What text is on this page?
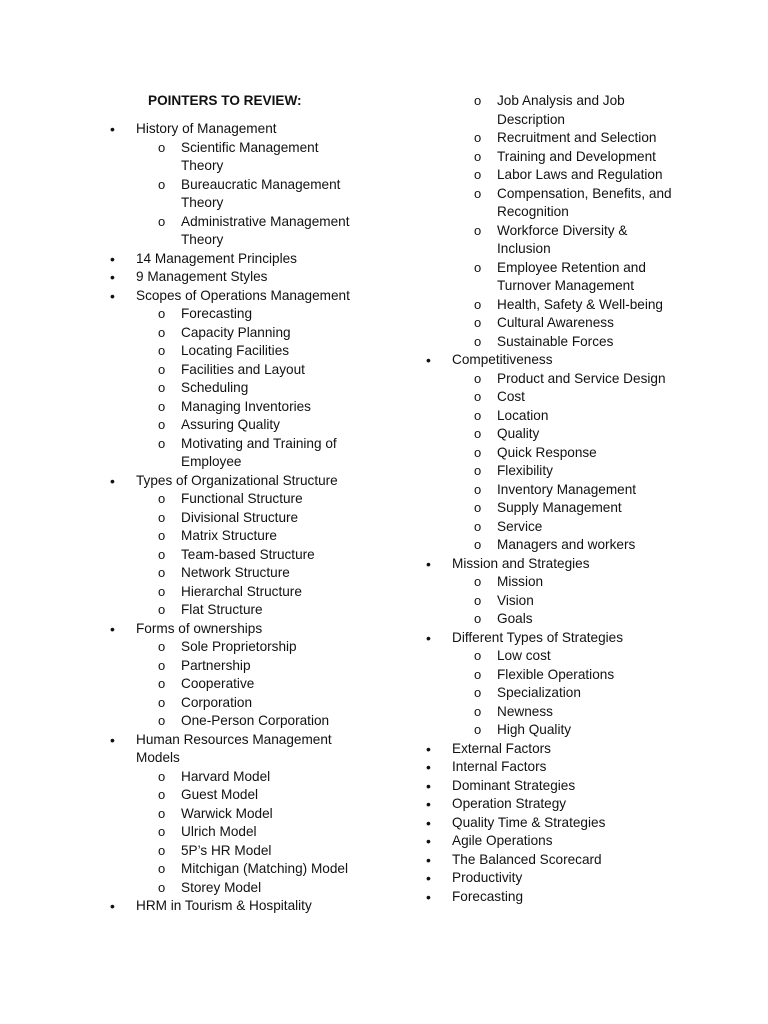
POINTERS TO REVIEW:
•	History of Management
o	Scientific Management Theory
o	Bureaucratic Management Theory
o	Administrative Management Theory
•	14 Management Principles
•	9 Management Styles
•	Scopes of Operations Management
o	Forecasting
o	Capacity Planning
o	Locating Facilities
o	Facilities and Layout
o	Scheduling
o	Managing Inventories
o	Assuring Quality
o	Motivating and Training of Employee
•	Types of Organizational Structure
o	Functional Structure
o	Divisional Structure
o	Matrix Structure
o	Team-based Structure
o	Network Structure
o	Hierarchal Structure
o	Flat Structure
•	Forms of ownerships
o	Sole Proprietorship
o	Partnership
o	Cooperative
o	Corporation
o	One-Person Corporation
•	Human Resources Management Models
o	Harvard Model
o	Guest Model
o	Warwick Model
o	Ulrich Model
o	5P’s HR Model
o	Mitchigan (Matching) Model
o	Storey Model
•	HRM in Tourism & Hospitality
o	Job Analysis and Job Description
o	Recruitment and Selection
o	Training and Development
o	Labor Laws and Regulation
o	Compensation, Benefits, and Recognition
o	Workforce Diversity & Inclusion
o	Employee Retention and Turnover Management
o	Health, Safety & Well-being
o	Cultural Awareness
o	Sustainable Forces
•	Competitiveness
o	Product and Service Design
o	Cost
o	Location
o	Quality
o	Quick Response
o	Flexibility
o	Inventory Management
o	Supply Management
o	Service
o	Managers and workers
•	Mission and Strategies
o	Mission
o	Vision
o	Goals
•	Different Types of Strategies
o	Low cost
o	Flexible Operations
o	Specialization
o	Newness
o	High Quality
•	External Factors
•	Internal Factors
•	Dominant Strategies
•	Operation Strategy
•	Quality Time & Strategies
•	Agile Operations
•	The Balanced Scorecard
•	Productivity
•	Forecasting
